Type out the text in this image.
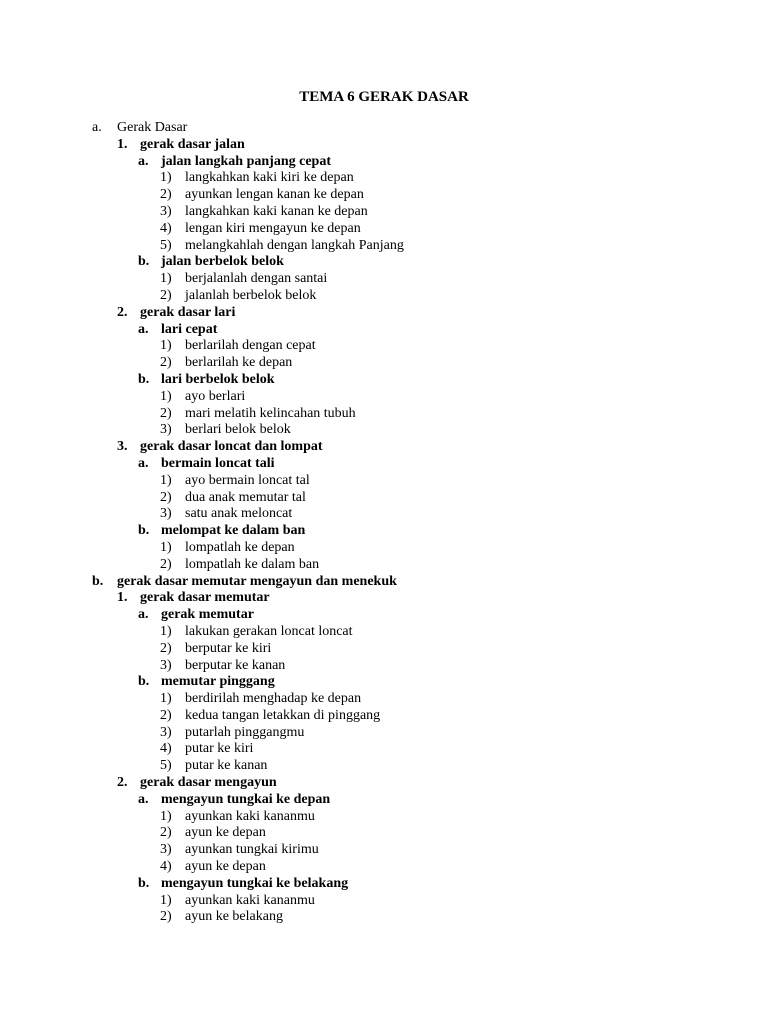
TEMA 6 GERAK DASAR
a. Gerak Dasar
1. gerak dasar jalan
a. jalan langkah panjang cepat
1) langkahkan kaki kiri ke depan
2) ayunkan lengan kanan ke depan
3) langkahkan kaki kanan ke depan
4) lengan kiri mengayun ke depan
5) melangkahlah dengan langkah Panjang
b. jalan berbelok belok
1) berjalanlah dengan santai
2) jalanlah berbelok belok
2. gerak dasar lari
a. lari cepat
1) berlarilah dengan cepat
2) berlarilah ke depan
b. lari berbelok belok
1) ayo berlari
2) mari melatih kelincahan tubuh
3) berlari belok belok
3. gerak dasar loncat dan lompat
a. bermain loncat tali
1) ayo bermain loncat tal
2) dua anak memutar tal
3) satu anak meloncat
b. melompat ke dalam ban
1) lompatlah ke depan
2) lompatlah ke dalam ban
b. gerak dasar memutar mengayun dan menekuk
1. gerak dasar memutar
a. gerak memutar
1) lakukan gerakan loncat loncat
2) berputar ke kiri
3) berputar ke kanan
b. memutar pinggang
1) berdirilah menghadap ke depan
2) kedua tangan letakkan di pinggang
3) putarlah pinggangmu
4) putar ke kiri
5) putar ke kanan
2. gerak dasar mengayun
a. mengayun tungkai ke depan
1) ayunkan kaki kananmu
2) ayun ke depan
3) ayunkan tungkai kirimu
4) ayun ke depan
b. mengayun tungkai ke belakang
1) ayunkan kaki kananmu
2) ayun ke belakang
